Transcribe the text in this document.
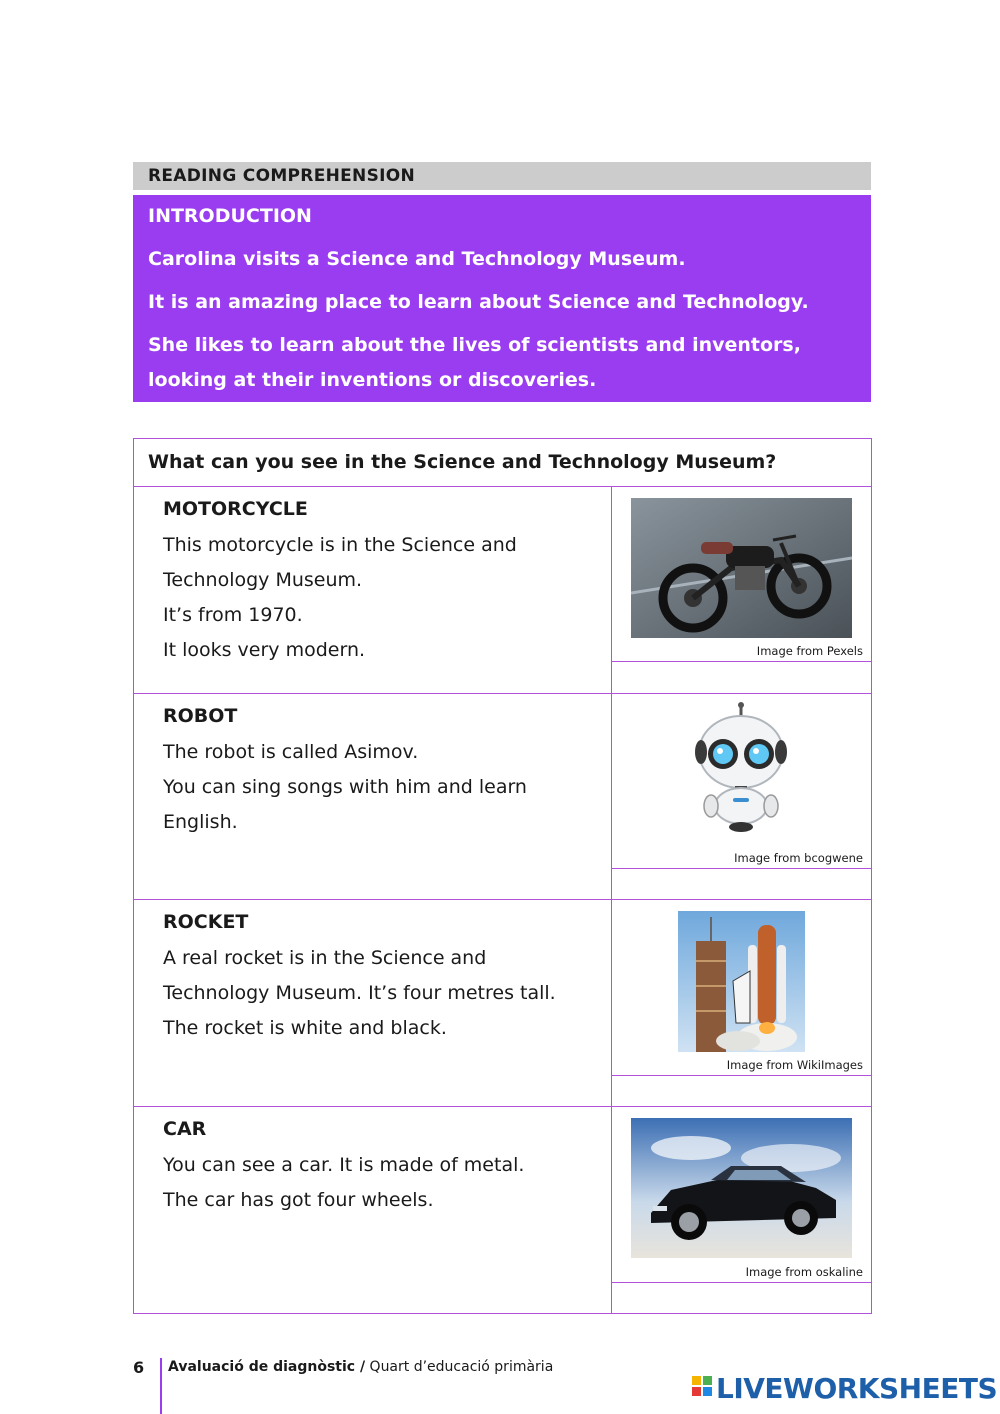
READING COMPREHENSION
INTRODUCTION
Carolina visits a Science and Technology Museum.
It is an amazing place to learn about Science and Technology.
She likes to learn about the lives of scientists and inventors,
looking at their inventions or discoveries.
What can you see in the Science and Technology Museum?
MOTORCYCLE
This motorcycle is in the Science and
Technology Museum.
It’s from 1970.
It looks very modern.	Image from Pexels
ROBOT
The robot is called Asimov.
You can sing songs with him and learn
English.
Image from bcogwene
ROCKET
A real rocket is in the Science and
Technology Museum. It’s four metres tall.
The rocket is white and black.
Image from WikiImages
CAR
You can see a car. It is made of metal.
The car has got four wheels.
Image from oskaline
6 Avaluació de diagnòstic / Quart d’educació primària
LIVEWORKSHEETS
